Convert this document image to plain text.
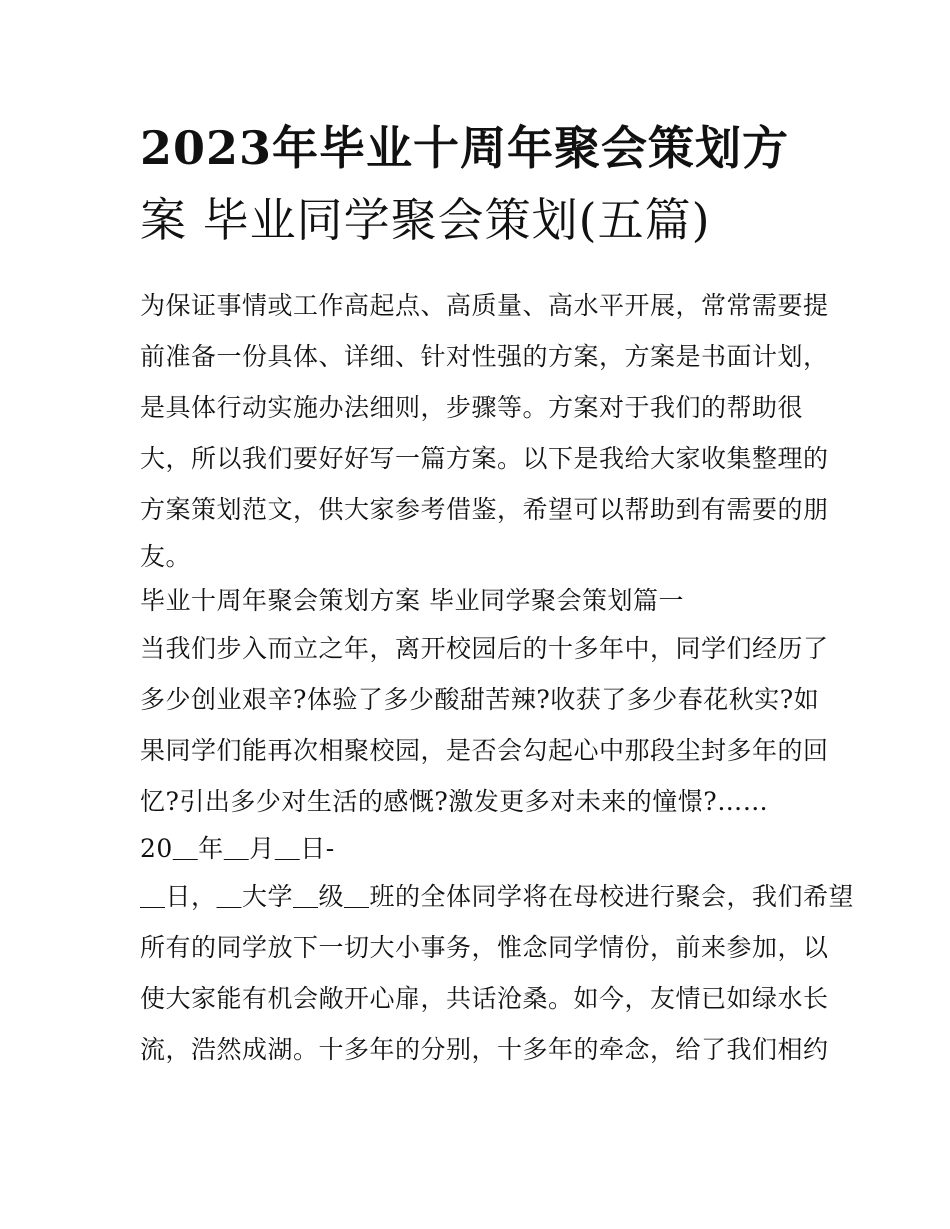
2023年毕业十周年聚会策划方
案 毕业同学聚会策划(五篇)
为保证事情或工作高起点、高质量、高水平开展，常常需要提
前准备一份具体、详细、针对性强的方案，方案是书面计划，
是具体行动实施办法细则，步骤等。方案对于我们的帮助很
大，所以我们要好好写一篇方案。以下是我给大家收集整理的
方案策划范文，供大家参考借鉴，希望可以帮助到有需要的朋
友。
毕业十周年聚会策划方案 毕业同学聚会策划篇一
当我们步入而立之年，离开校园后的十多年中，同学们经历了
多少创业艰辛?体验了多少酸甜苦辣?收获了多少春花秋实?如
果同学们能再次相聚校园，是否会勾起心中那段尘封多年的回
忆?引出多少对生活的感慨?激发更多对未来的憧憬?……
20＿年＿月＿日-
＿日，＿大学＿级＿班的全体同学将在母校进行聚会，我们希望
所有的同学放下一切大小事务，惟念同学情份，前来参加，以
使大家能有机会敞开心扉，共话沧桑。如今，友情已如绿水长
流，浩然成湖。十多年的分别，十多年的牵念，给了我们相约
